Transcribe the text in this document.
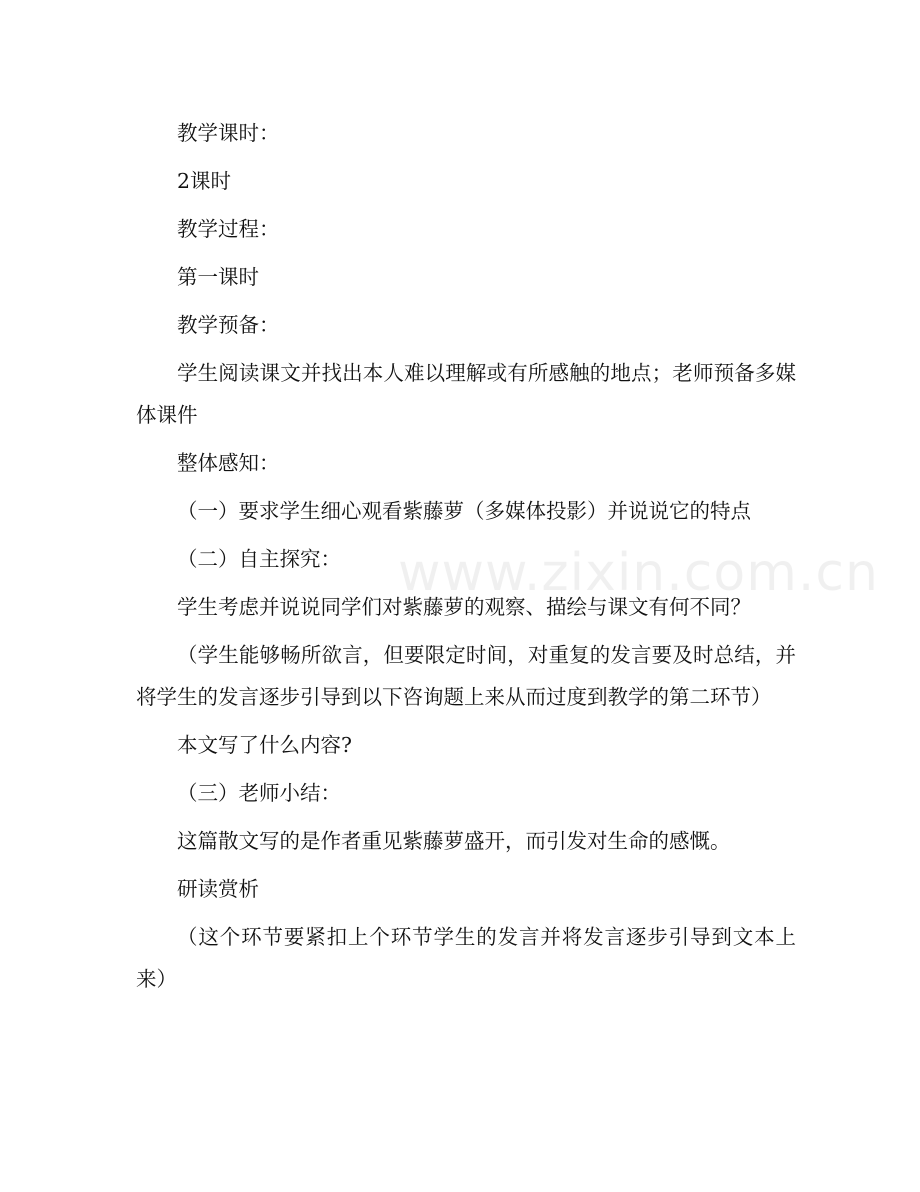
教学课时：

2课时

教学过程：

第一课时

教学预备：

学生阅读课文并找出本人难以理解或有所感触的地点；老师预备多媒体课件

整体感知：

（一）要求学生细心观看紫藤萝（多媒体投影）并说说它的特点

（二）自主探究：

学生考虑并说说同学们对紫藤萝的观察、描绘与课文有何不同？

（学生能够畅所欲言，但要限定时间，对重复的发言要及时总结，并将学生的发言逐步引导到以下咨询题上来从而过度到教学的第二环节）

本文写了什么内容?

（三）老师小结：

这篇散文写的是作者重见紫藤萝盛开，而引发对生命的感慨。

研读赏析

（这个环节要紧扣上个环节学生的发言并将发言逐步引导到文本上来）

www.zixin.com.cn
